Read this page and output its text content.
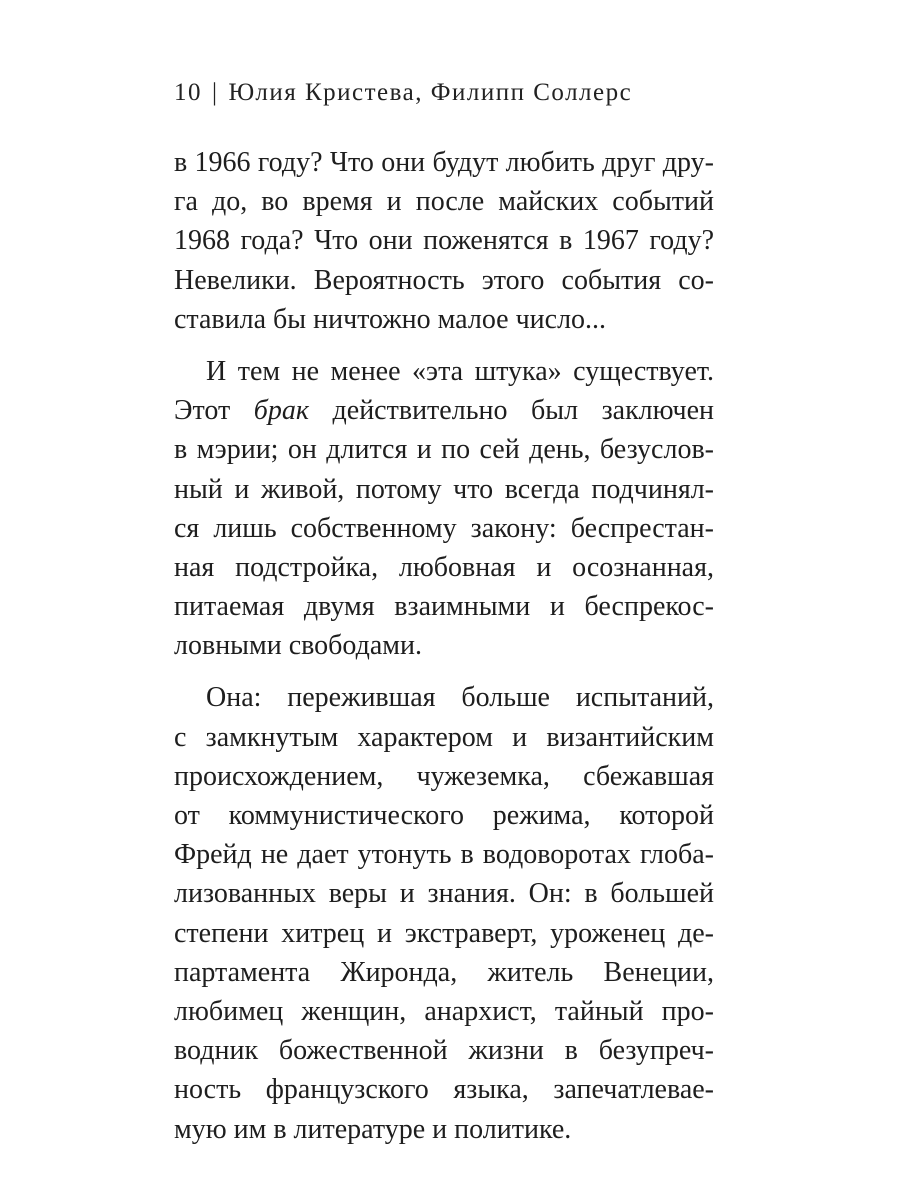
10 | Юлия Кристева, Филипп Соллерс
в 1966 году? Что они будут любить друг дру-
га до, во время и после майских событий
1968 года? Что они поженятся в 1967 году?
Невелики. Вероятность этого события со-
ставила бы ничтожно малое число...
И тем не менее «эта штука» существует.
Этот брак действительно был заключен
в мэрии; он длится и по сей день, безуслов-
ный и живой, потому что всегда подчинял-
ся лишь собственному закону: беспрестан-
ная подстройка, любовная и осознанная,
питаемая двумя взаимными и беспрекос-
ловными свободами.
Она: пережившая больше испытаний,
с замкнутым характером и византийским
происхождением, чужеземка, сбежавшая
от коммунистического режима, которой
Фрейд не дает утонуть в водоворотах глоба-
лизованных веры и знания. Он: в большей
степени хитрец и экстраверт, уроженец де-
партамента Жиронда, житель Венеции,
любимец женщин, анархист, тайный про-
водник божественной жизни в безупреч-
ность французского языка, запечатлевае-
мую им в литературе и политике.
